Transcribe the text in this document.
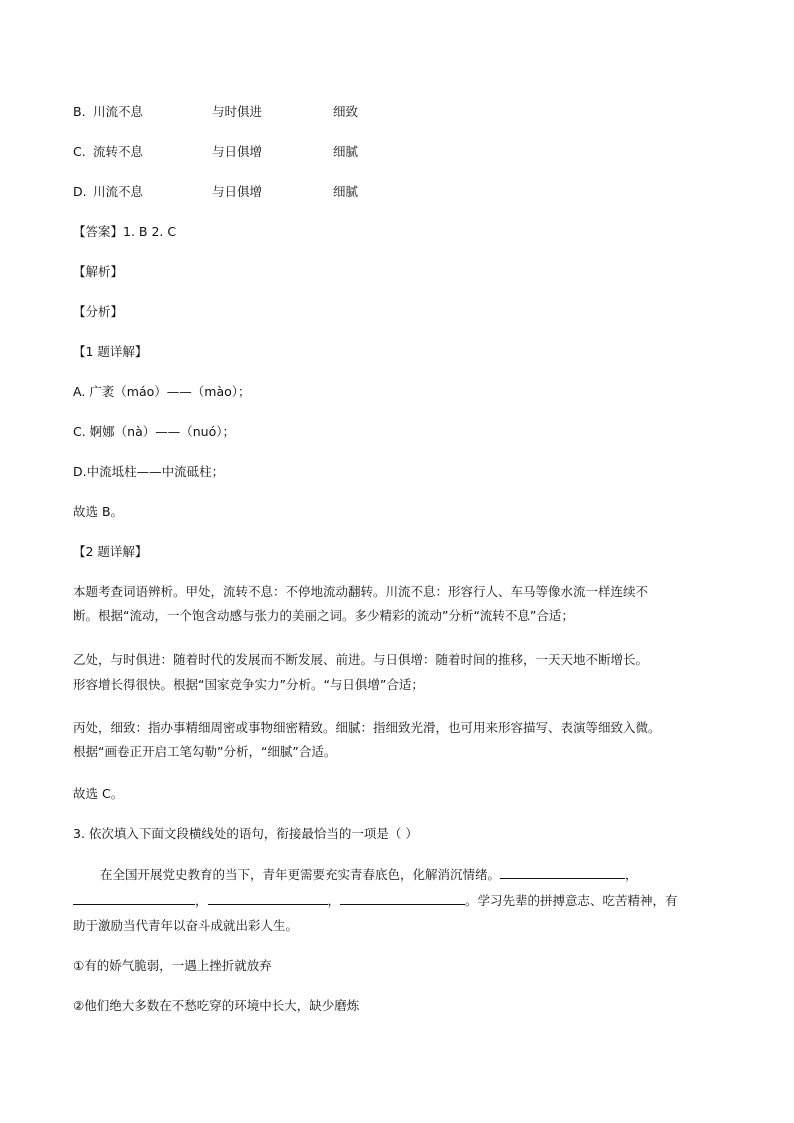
B. 川流不息	与时俱进	细致
C. 流转不息	与日俱增	细腻
D. 川流不息	与日俱增	细腻
【答案】1. B 2. C
【解析】
【分析】
【1 题详解】
A. 广袤（máo）——（mào）；
C. 婀娜（nà）——（nuó）；
D.中流坻柱——中流砥柱；
故选 B。
【2 题详解】
本题考查词语辨析。甲处，流转不息：不停地流动翻转。川流不息：形容行人、车马等像水流一样连续不
断。根据“流动，一个饱含动感与张力的美丽之词。多少精彩的流动”分析“流转不息”合适；
乙处，与时俱进：随着时代的发展而不断发展、前进。与日俱增：随着时间的推移，一天天地不断增长。
形容增长得很快。根据“国家竞争实力”分析。“与日俱增”合适；
丙处，细致：指办事精细周密或事物细密精致。细腻：指细致光滑，也可用来形容描写、表演等细致入微。
根据“画卷正开启工笔勾勒”分析，“细腻”合适。
故选 C。
3. 依次填入下面文段横线处的语句，衔接最恰当的一项是（ ）
在全国开展党史教育的当下，青年更需要充实青春底色，化解消沉情绪。	，
，	，	。学习先辈的拼搏意志、吃苦精神，有
助于激励当代青年以奋斗成就出彩人生。
①有的娇气脆弱，一遇上挫折就放弃
②他们绝大多数在不愁吃穿的环境中长大，缺少磨炼
